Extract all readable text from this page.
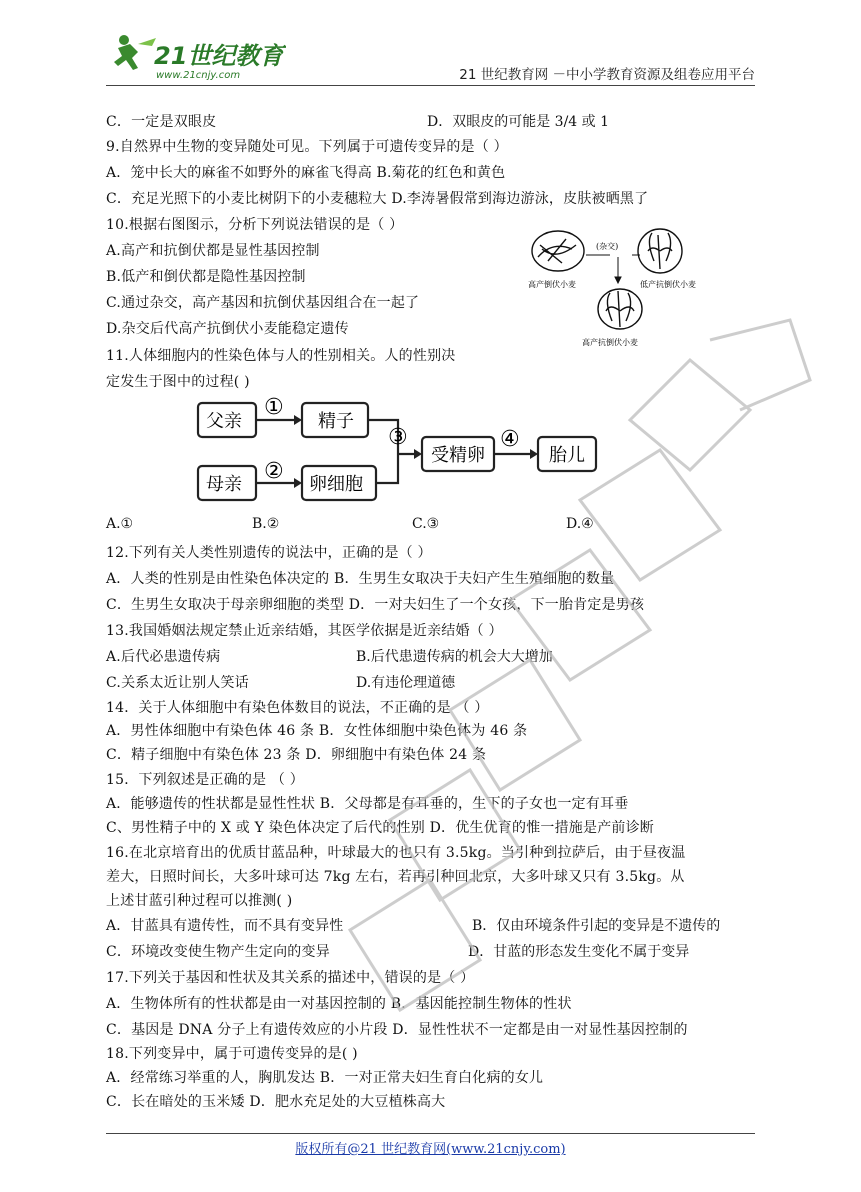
21世纪教育
www.21cnjy.com	21 世纪教育网 －中小学教育资源及组卷应用平台
C．一定是双眼皮	D．双眼皮的可能是 3/4 或 1
9.自然界中生物的变异随处可见。下列属于可遗传变异的是（ ）
A．笼中长大的麻雀不如野外的麻雀飞得高 B.菊花的红色和黄色
C．充足光照下的小麦比树阴下的小麦穗粒大 D.李涛暑假常到海边游泳，皮肤被晒黑了
10.根据右图图示，分析下列说法错误的是（ ）
A.高产和抗倒伏都是显性基因控制
B.低产和倒伏都是隐性基因控制
C.通过杂交，高产基因和抗倒伏基因组合在一起了
D.杂交后代高产抗倒伏小麦能稳定遗传
11.人体细胞内的性染色体与人的性别相关。人的性别决
定发生于图中的过程( )
高产倒伏小麦
(杂交)
低产抗倒伏小麦
高产抗倒伏小麦
父亲	精子
母亲	卵细胞
受精卵	胎儿
①
②
③	④
A.①	B.②	C.③	D.④
12.下列有关人类性别遗传的说法中，正确的是（ ）
A．人类的性别是由性染色体决定的 B．生男生女取决于夫妇产生生殖细胞的数量
C．生男生女取决于母亲卵细胞的类型 D．一对夫妇生了一个女孩，下一胎肯定是男孩
13.我国婚姻法规定禁止近亲结婚，其医学依据是近亲结婚（ ）
A.后代必患遗传病	B.后代患遗传病的机会大大增加
C.关系太近让别人笑话	D.有违伦理道德
14．关于人体细胞中有染色体数目的说法，不正确的是 （ ）
A．男性体细胞中有染色体 46 条 B．女性体细胞中染色体为 46 条
C．精子细胞中有染色体 23 条 D．卵细胞中有染色体 24 条
15．下列叙述是正确的是 （ ）
A．能够遗传的性状都是显性性状 B．父母都是有耳垂的，生下的子女也一定有耳垂
C、男性精子中的 X 或 Y 染色体决定了后代的性别 D．优生优育的惟一措施是产前诊断
16.在北京培育出的优质甘蓝品种，叶球最大的也只有 3.5kg。当引种到拉萨后，由于昼夜温
差大，日照时间长，大多叶球可达 7kg 左右，若再引种回北京，大多叶球又只有 3.5kg。从
上述甘蓝引种过程可以推测( )
A．甘蓝具有遗传性，而不具有变异性	B．仅由环境条件引起的变异是不遗传的
C．环境改变使生物产生定向的变异	D．甘蓝的形态发生变化不属于变异
17.下列关于基因和性状及其关系的描述中，错误的是（ ）
A．生物体所有的性状都是由一对基因控制的 B．基因能控制生物体的性状
C．基因是 DNA 分子上有遗传效应的小片段 D．显性性状不一定都是由一对显性基因控制的
18.下列变异中，属于可遗传变异的是( )
A．经常练习举重的人，胸肌发达 B．一对正常夫妇生育白化病的女儿
C．长在暗处的玉米矮 D．肥水充足处的大豆植株高大
版权所有@21 世纪教育网(www.21cnjy.com)
